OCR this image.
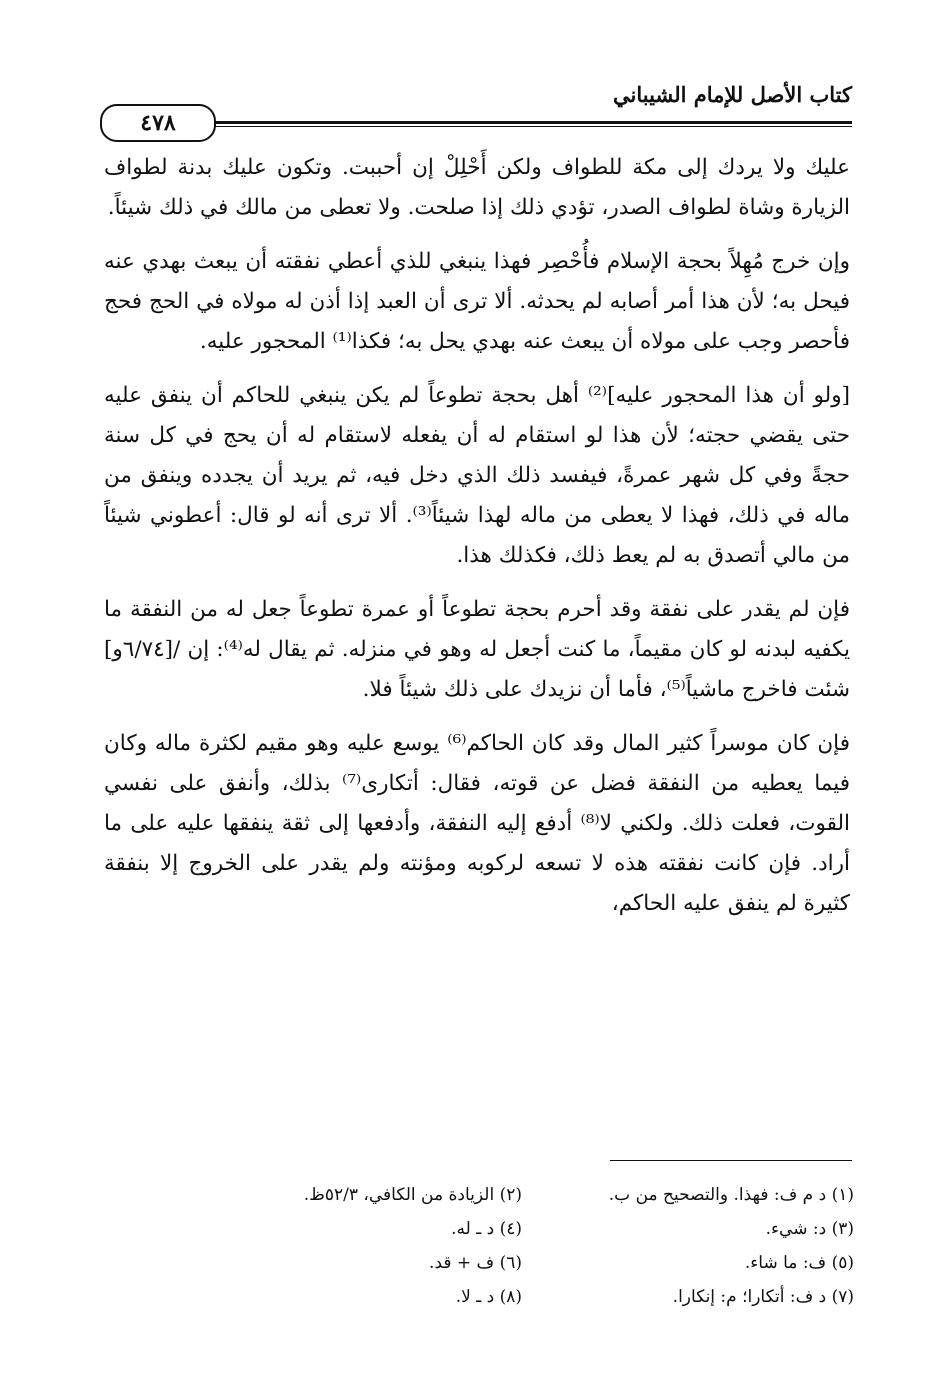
كتاب الأصل للإمام الشيباني
٤٧٨

عليك ولا يردك إلى مكة للطواف ولكن أَحْلِلْ إن أحببت. وتكون عليك بدنة لطواف الزيارة وشاة لطواف الصدر، تؤدي ذلك إذا صلحت. ولا تعطى من مالك في ذلك شيئاً.

وإن خرج مُهِلاً بحجة الإسلام فأُحْصِر فهذا ينبغي للذي أعطي نفقته أن يبعث بهدي عنه فيحل به؛ لأن هذا أمر أصابه لم يحدثه. ألا ترى أن العبد إذا أذن له مولاه في الحج فحج فأحصر وجب على مولاه أن يبعث عنه بهدي يحل به؛ فكذا⁽¹⁾ المحجور عليه.

[ولو أن هذا المحجور عليه]⁽²⁾ أهل بحجة تطوعاً لم يكن ينبغي للحاكم أن ينفق عليه حتى يقضي حجته؛ لأن هذا لو استقام له أن يفعله لاستقام له أن يحج في كل سنة حجةً وفي كل شهر عمرةً، فيفسد ذلك الذي دخل فيه، ثم يريد أن يجدده وينفق من ماله في ذلك، فهذا لا يعطى من ماله لهذا شيئاً⁽³⁾. ألا ترى أنه لو قال: أعطوني شيئاً من مالي أتصدق به لم يعط ذلك، فكذلك هذا.

فإن لم يقدر على نفقة وقد أحرم بحجة تطوعاً أو عمرة تطوعاً جعل له من النفقة ما يكفيه لبدنه لو كان مقيماً، ما كنت أجعل له وهو في منزله. ثم يقال له⁽⁴⁾: إن /[٦/٧٤و] شئت فاخرج ماشياً⁽⁵⁾، فأما أن نزيدك على ذلك شيئاً فلا.

فإن كان موسراً كثير المال وقد كان الحاكم⁽⁶⁾ يوسع عليه وهو مقيم لكثرة ماله وكان فيما يعطيه من النفقة فضل عن قوته، فقال: أتكارى⁽⁷⁾ بذلك، وأنفق على نفسي القوت، فعلت ذلك. ولكني لا⁽⁸⁾ أدفع إليه النفقة، وأدفعها إلى ثقة ينفقها عليه على ما أراد. فإن كانت نفقته هذه لا تسعه لركوبه ومؤنته ولم يقدر على الخروج إلا بنفقة كثيرة لم ينفق عليه الحاكم،

(١) د م ف: فهذا. والتصحيح من ب.
(٢) الزيادة من الكافي، ٥٢/٣ظ.
(٣) د: شيء.
(٤) د ـ له.
(٥) ف: ما شاء.
(٦) ف + قد.
(٧) د ف: أتكارا؛ م: إنكارا.
(٨) د ـ لا.
